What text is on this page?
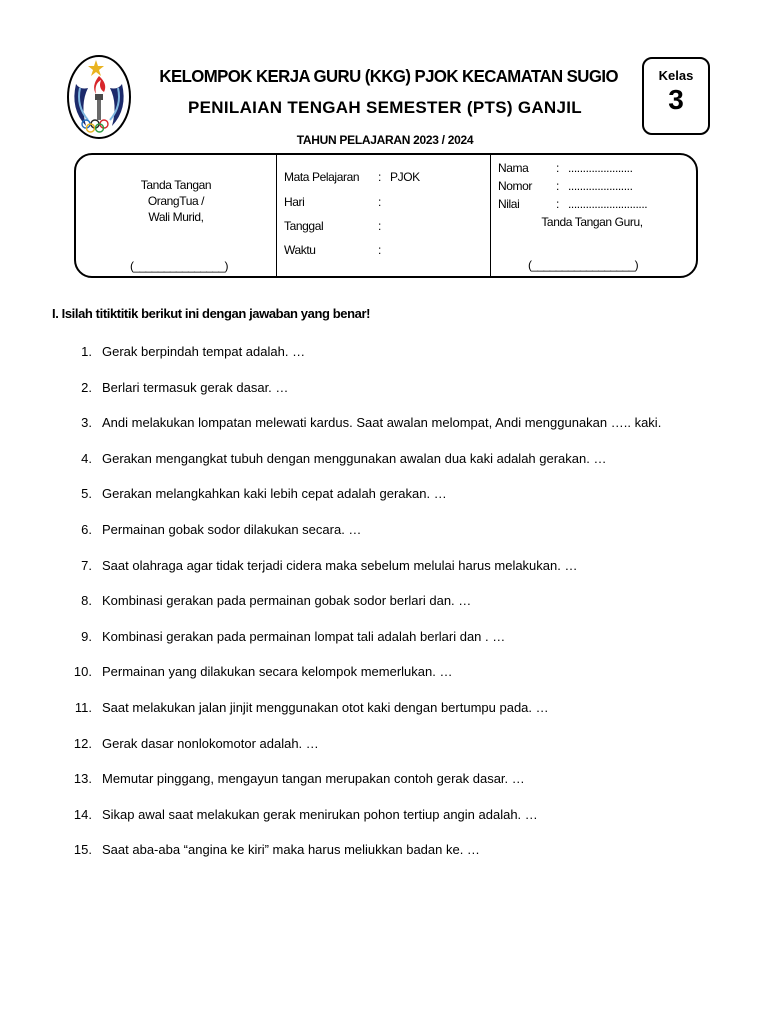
KELOMPOK KERJA GURU (KKG) PJOK KECAMATAN SUGIO
PENILAIAN TENGAH SEMESTER (PTS) GANJIL
TAHUN PELAJARAN 2023 / 2024
Kelas
3
Tanda Tangan
OrangTua /
Wali Murid,
(_______________)
Mata Pelajaran : PJOK
Hari	:
Tanggal	:
Waktu	:
Nama : ......................
Nomor : ......................
Nilai	: ...........................
Tanda Tangan Guru,
(_________________)
I. Isilah titiktitik berikut ini dengan jawaban yang benar!
1. Gerak berpindah tempat adalah. …
2. Berlari termasuk gerak dasar. …
3. Andi melakukan lompatan melewati kardus. Saat awalan melompat, Andi menggunakan ….. kaki.
4. Gerakan mengangkat tubuh dengan menggunakan awalan dua kaki adalah gerakan. …
5. Gerakan melangkahkan kaki lebih cepat adalah gerakan. …
6. Permainan gobak sodor dilakukan secara. …
7. Saat olahraga agar tidak terjadi cidera maka sebelum melulai harus melakukan. …
8. Kombinasi gerakan pada permainan gobak sodor berlari dan. …
9. Kombinasi gerakan pada permainan lompat tali adalah berlari dan . …
10. Permainan yang dilakukan secara kelompok memerlukan. …
11. Saat melakukan jalan jinjit menggunakan otot kaki dengan bertumpu pada. …
12. Gerak dasar nonlokomotor adalah. …
13. Memutar pinggang, mengayun tangan merupakan contoh gerak dasar. …
14. Sikap awal saat melakukan gerak menirukan pohon tertiup angin adalah. …
15. Saat aba-aba “angina ke kiri” maka harus meliukkan badan ke. …
